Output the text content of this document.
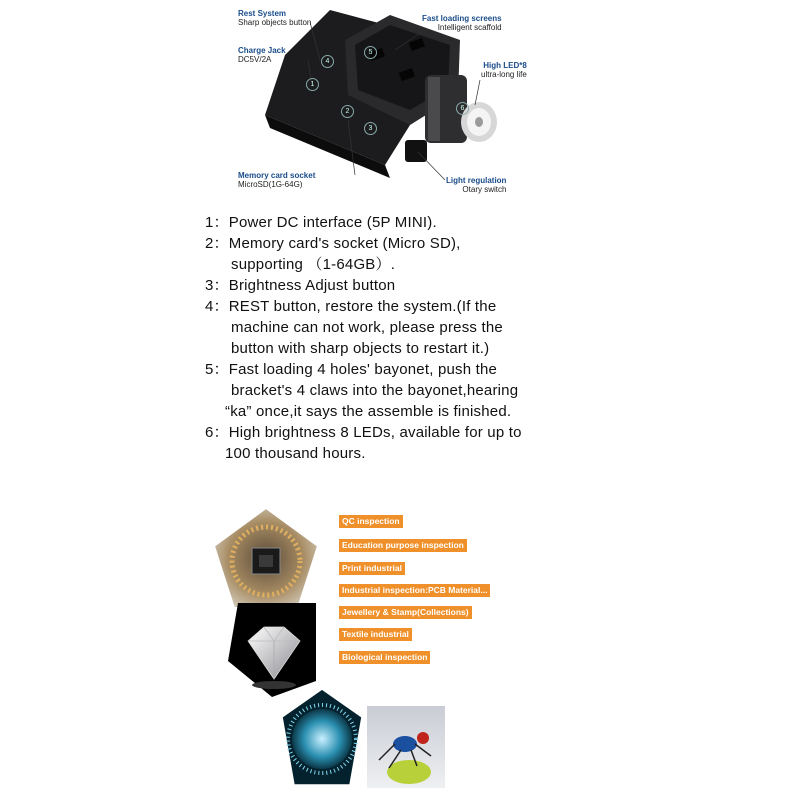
Rest System
Sharp objects button
Charge Jack
DC5V/2A
Memory card socket
MicroSD(1G-64G)
Fast loading screens
Intelligent scaffold
High LED*8
ultra-long life
Light regulation
Otary switch
1
2
3
4
5
6
1：Power DC interface (5P MINI).
2：Memory card's socket (Micro SD),
supporting （1-64GB）.
3：Brightness Adjust button
4：REST button, restore the system.(If the
machine can not work, please press the
button with sharp objects to restart it.)
5：Fast loading 4 holes' bayonet, push the
bracket's 4 claws into the bayonet,hearing
“ka” once,it says the assemble is finished.
6：High brightness 8 LEDs, available for up to
100 thousand hours.
QC inspection
Education purpose inspection
Print industrial
Industrial inspection:PCB Material...
Jewellery & Stamp(Collections)
Textile industrial
Biological inspection
